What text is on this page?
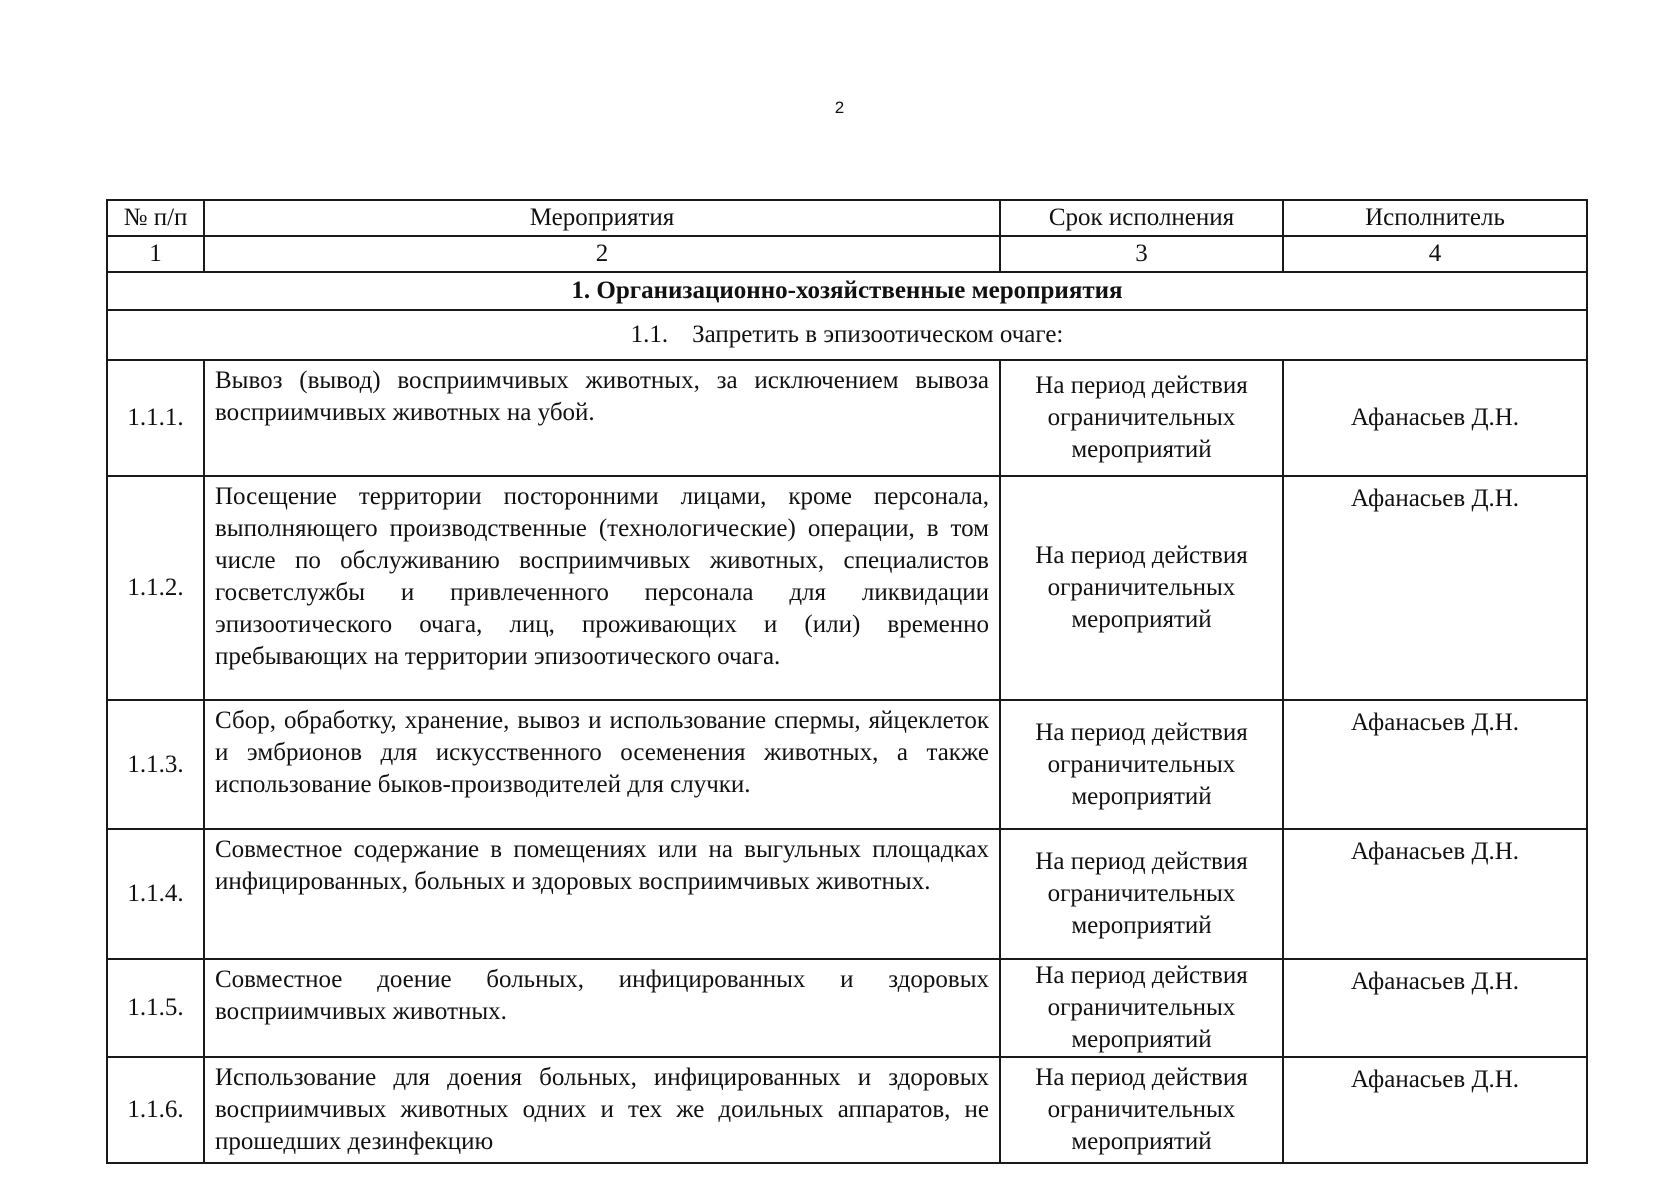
2
№ п/п	Мероприятия	Срок исполнения	Исполнитель
1	2	3	4
1. Организационно-хозяйственные мероприятия			
1.1. Запретить в эпизоотическом очаге:			
1.1.1.	Вывоз (вывод) восприимчивых животных, за исключением вывоза восприимчивых животных на убой.	На период действия ограничительных мероприятий	Афанасьев Д.Н.
1.1.2.	Посещение территории посторонними лицами, кроме персонала, выполняющего производственные (технологические) операции, в том числе по обслуживанию восприимчивых животных, специалистов госветслужбы и привлеченного персонала для ликвидации эпизоотического очага, лиц, проживающих и (или) временно пребывающих на территории эпизоотического очага.	На период действия ограничительных мероприятий	Афанасьев Д.Н.
1.1.3.	Сбор, обработку, хранение, вывоз и использование спермы, яйцеклеток и эмбрионов для искусственного осеменения животных, а также использование быков-производителей для случки.	На период действия ограничительных мероприятий	Афанасьев Д.Н.
1.1.4.	Совместное содержание в помещениях или на выгульных площадках инфицированных, больных и здоровых восприимчивых животных.	На период действия ограничительных мероприятий	Афанасьев Д.Н.
1.1.5.	Совместное доение больных, инфицированных и здоровых восприимчивых животных.	На период действия ограничительных мероприятий	Афанасьев Д.Н.
1.1.6.	Использование для доения больных, инфицированных и здоровых восприимчивых животных одних и тех же доильных аппаратов, не прошедших дезинфекцию	На период действия ограничительных мероприятий	Афанасьев Д.Н.
